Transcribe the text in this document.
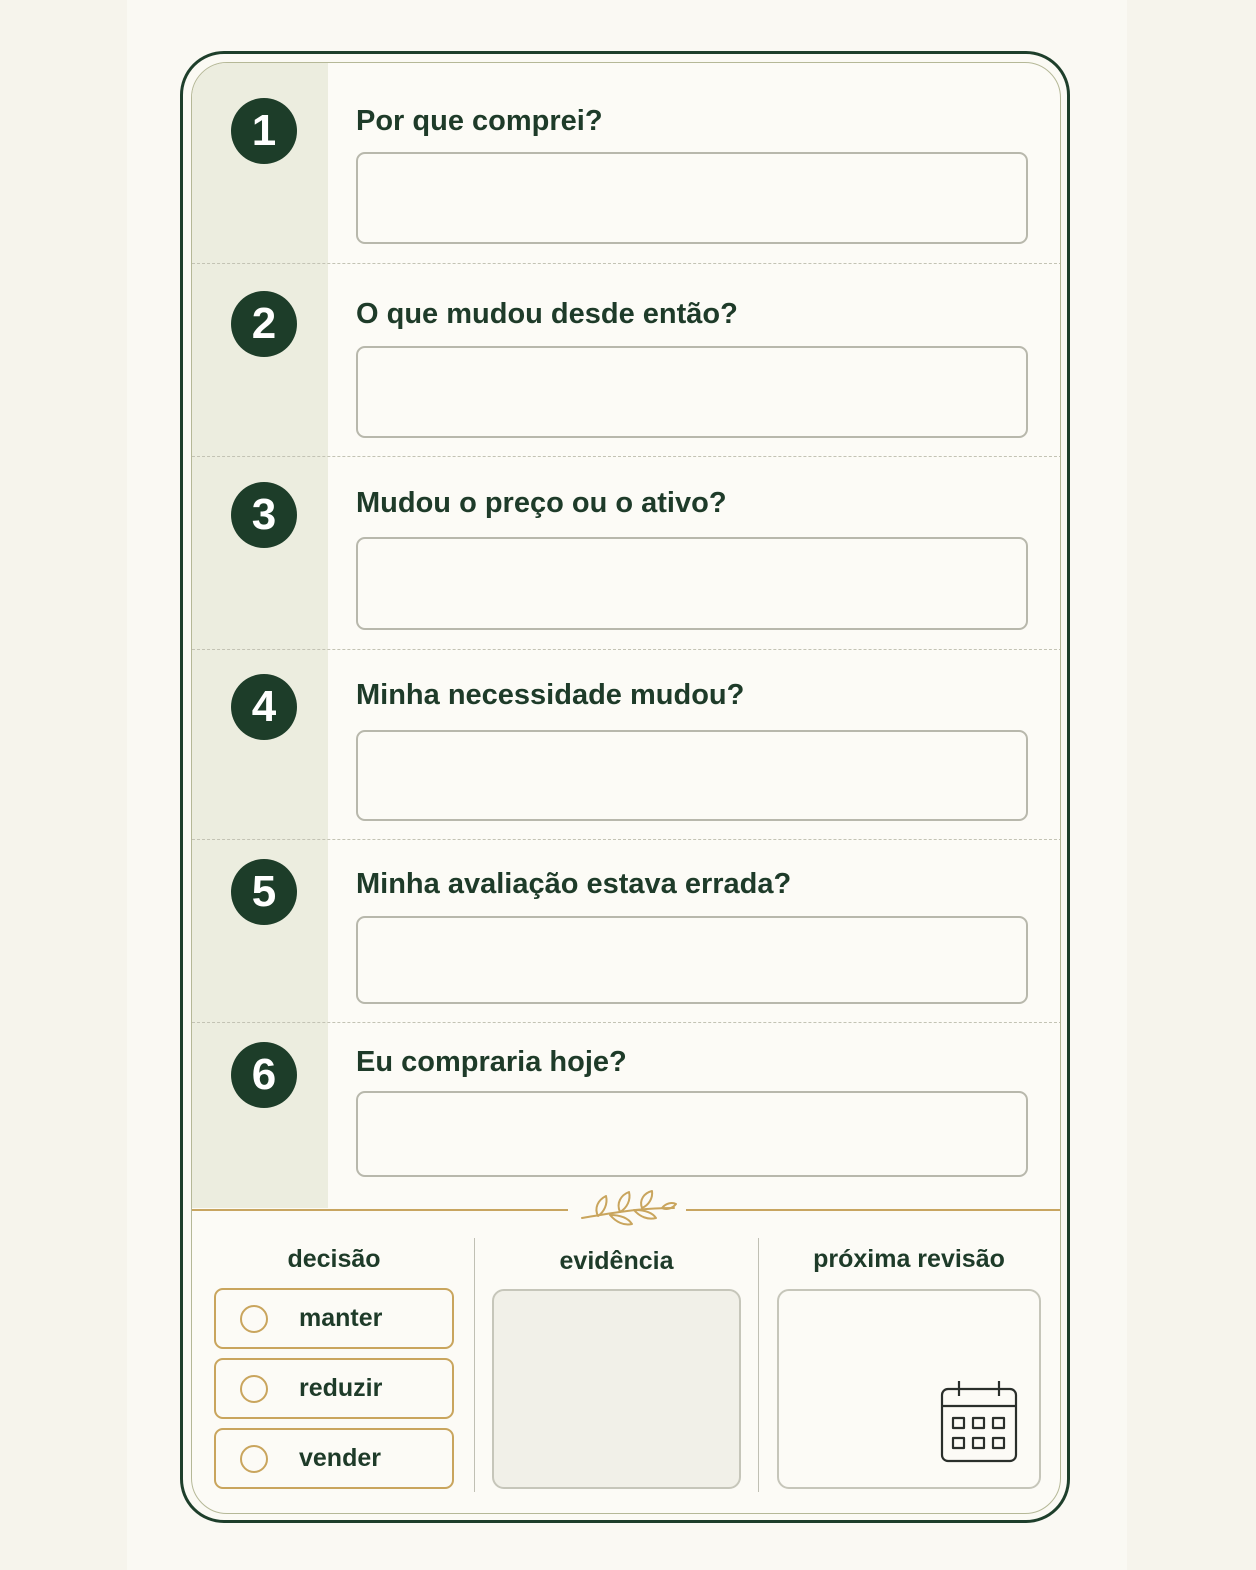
1	Por que comprei?
2	O que mudou desde então?
3	Mudou o preço ou o ativo?
4	Minha necessidade mudou?
5	Minha avaliação estava errada?
6	Eu compraria hoje?
decisão	evidência	próxima revisão
manter
reduzir
vender
